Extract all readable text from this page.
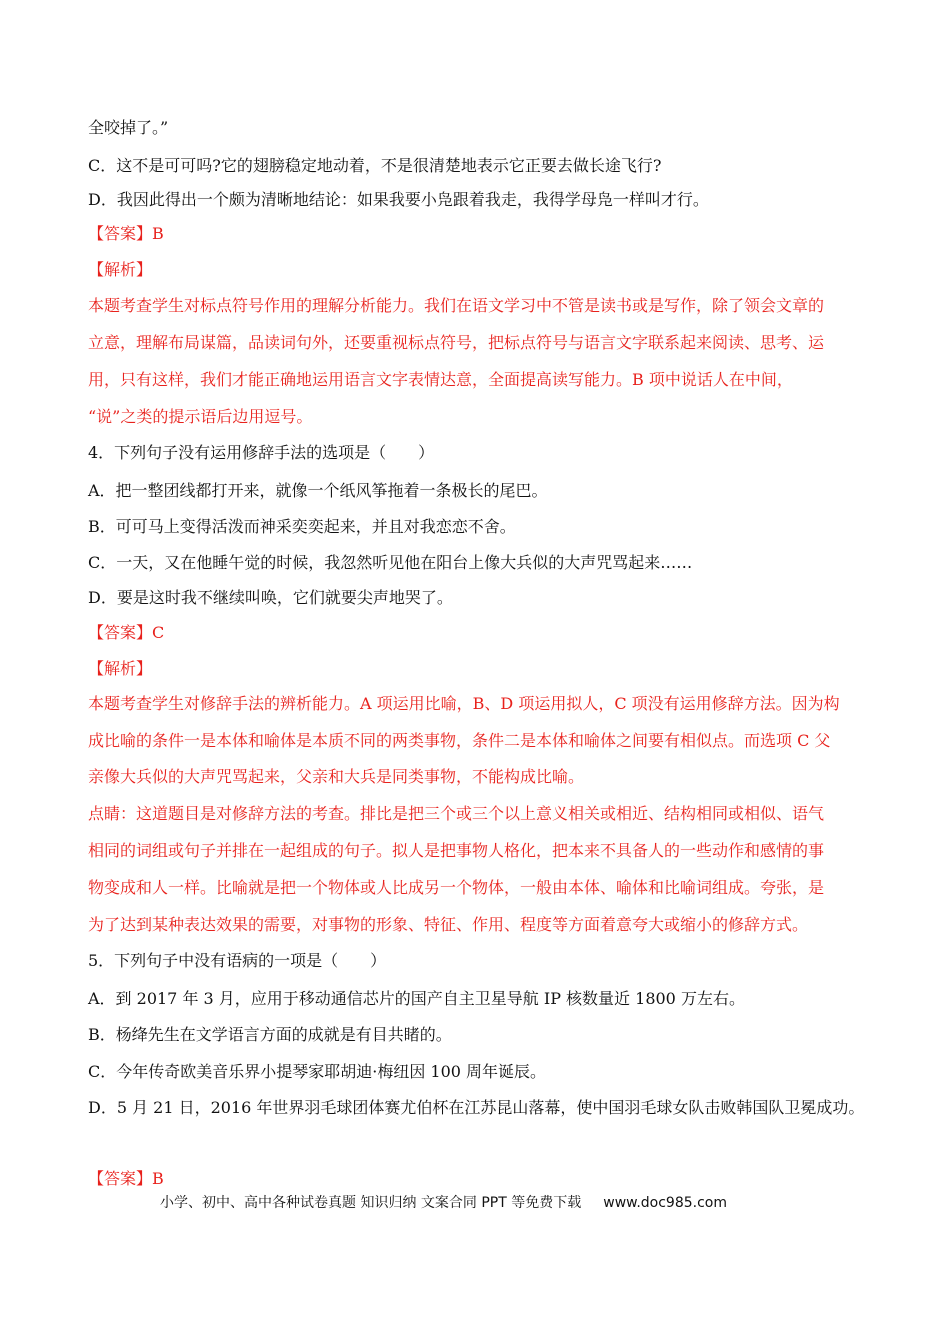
全咬掉了。”
C．这不是可可吗?它的翅膀稳定地动着，不是很清楚地表示它正要去做长途飞行?
D．我因此得出一个颇为清晰地结论：如果我要小凫跟着我走，我得学母凫一样叫才行。
【答案】B
【解析】
本题考查学生对标点符号作用的理解分析能力。我们在语文学习中不管是读书或是写作，除了领会文章的
立意，理解布局谋篇，品读词句外，还要重视标点符号，把标点符号与语言文字联系起来阅读、思考、运
用，只有这样，我们才能正确地运用语言文字表情达意，全面提高读写能力。B 项中说话人在中间，
“说”之类的提示语后边用逗号。
4．下列句子没有运用修辞手法的选项是（　　）
A．把一整团线都打开来，就像一个纸风筝拖着一条极长的尾巴。
B．可可马上变得活泼而神采奕奕起来，并且对我恋恋不舍。
C．一天，又在他睡午觉的时候，我忽然听见他在阳台上像大兵似的大声咒骂起来……
D．要是这时我不继续叫唤，它们就要尖声地哭了。
【答案】C
【解析】
本题考查学生对修辞手法的辨析能力。A 项运用比喻，B、D 项运用拟人，C 项没有运用修辞方法。因为构
成比喻的条件一是本体和喻体是本质不同的两类事物，条件二是本体和喻体之间要有相似点。而选项 C 父
亲像大兵似的大声咒骂起来，父亲和大兵是同类事物，不能构成比喻。
点睛：这道题目是对修辞方法的考查。排比是把三个或三个以上意义相关或相近、结构相同或相似、语气
相同的词组或句子并排在一起组成的句子。拟人是把事物人格化，把本来不具备人的一些动作和感情的事
物变成和人一样。比喻就是把一个物体或人比成另一个物体，一般由本体、喻体和比喻词组成。夸张，是
为了达到某种表达效果的需要，对事物的形象、特征、作用、程度等方面着意夸大或缩小的修辞方式。
5．下列句子中没有语病的一项是（　　）
A．到 2017 年 3 月，应用于移动通信芯片的国产自主卫星导航 IP 核数量近 1800 万左右。
B．杨绛先生在文学语言方面的成就是有目共睹的。
C．今年传奇欧美音乐界小提琴家耶胡迪·梅纽因 100 周年诞辰。
D．5 月 21 日，2016 年世界羽毛球团体赛尤伯杯在江苏昆山落幕，使中国羽毛球女队击败韩国队卫冕成功。
【答案】B
小学、初中、高中各种试卷真题 知识归纳 文案合同 PPT 等免费下载 www.doc985.com
